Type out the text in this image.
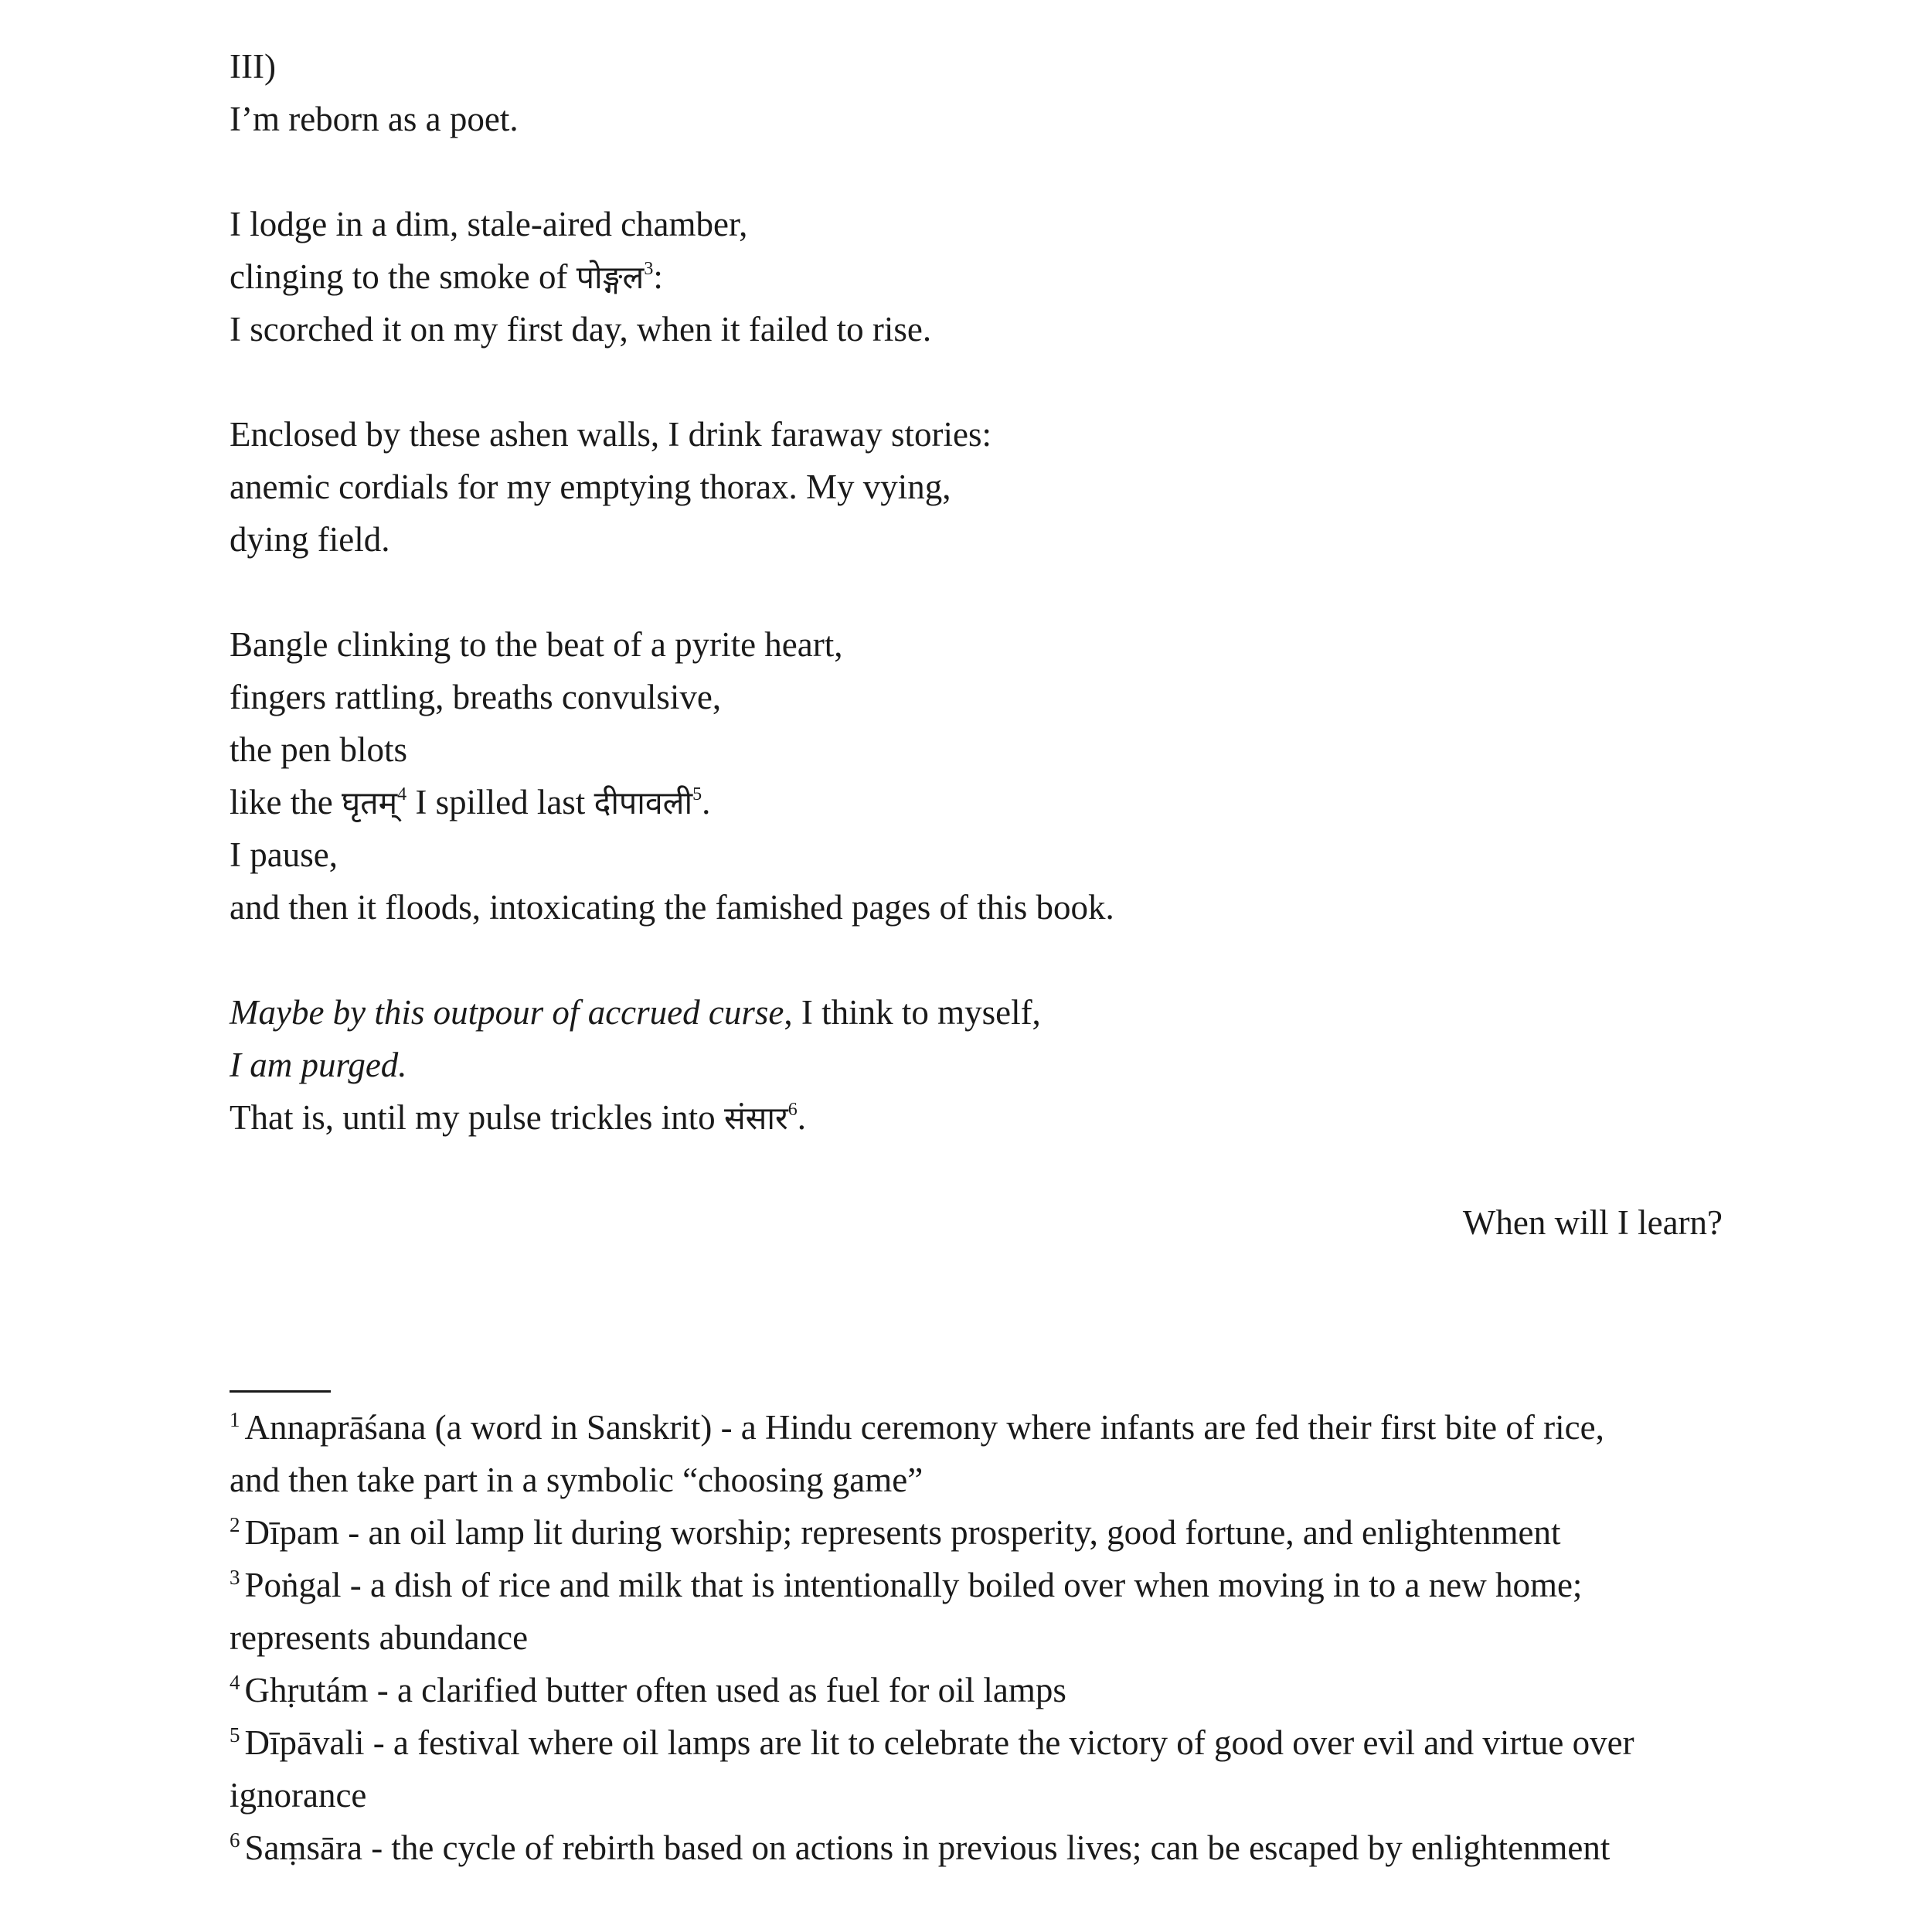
III)
I’m reborn as a poet.
I lodge in a dim, stale-aired chamber,
clinging to the smoke of पोङ्गल$^3$:
I scorched it on my first day, when it failed to rise.
Enclosed by these ashen walls, I drink faraway stories:
anemic cordials for my emptying thorax. My vying,
dying field.
Bangle clinking to the beat of a pyrite heart,
fingers rattling, breaths convulsive,
the pen blots
like the घृतम्$^4$ I spilled last दीपावली$^5$.
I pause,
and then it floods, intoxicating the famished pages of this book.
Maybe by this outpour of accrued curse, I think to myself,
I am purged.
That is, until my pulse trickles into संसार$^6$.
When will I learn?
$^1$ Annaprāśana (a word in Sanskrit) - a Hindu ceremony where infants are fed their first bite of rice,
and then take part in a symbolic “choosing game”
$^2$ Dīpam - an oil lamp lit during worship; represents prosperity, good fortune, and enlightenment
$^3$ Poṅgal - a dish of rice and milk that is intentionally boiled over when moving in to a new home;
represents abundance
$^4$ Ghṛutám - a clarified butter often used as fuel for oil lamps
$^5$ Dīpāvali - a festival where oil lamps are lit to celebrate the victory of good over evil and virtue over
ignorance
$^6$ Saṃsāra - the cycle of rebirth based on actions in previous lives; can be escaped by enlightenment
